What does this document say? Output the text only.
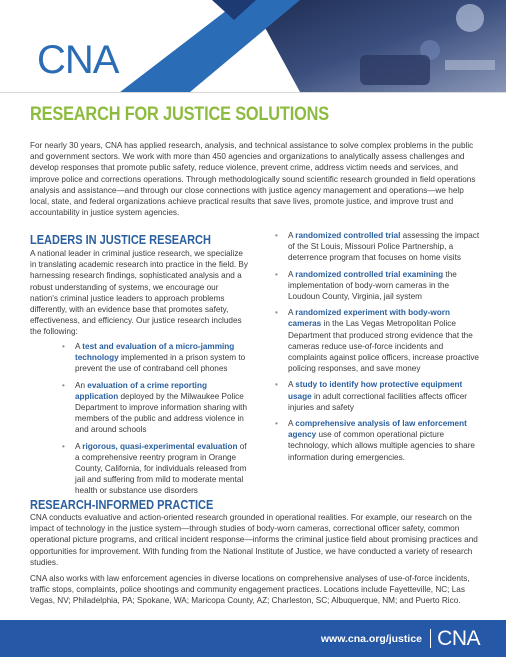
CNA
RESEARCH FOR JUSTICE SOLUTIONS

For nearly 30 years, CNA has applied research, analysis, and technical assistance to solve complex problems in the public and government sectors. We work with more than 450 agencies and organizations to analytically assess challenges and develop responses that promote public safety, reduce violence, prevent crime, address victim needs and services, and improve police and corrections operations. Through methodologically sound scientific research grounded in field operations analysis and assistance—and through our close connections with justice agency management and operations—we help local, state, and federal organizations achieve practical results that save lives, promote justice, and improve trust and accountability in justice system agencies.

LEADERS IN JUSTICE RESEARCH

A national leader in criminal justice research, we specialize in translating academic research into practice in the field. By harnessing research findings, sophisticated analysis and a robust understanding of systems, we encourage our nation's criminal justice leaders to approach problems differently, with an evidence base that promotes safety, effectiveness, and efficiency. Our justice research includes the following:

• A test and evaluation of a micro-jamming technology implemented in a prison system to prevent the use of contraband cell phones
• An evaluation of a crime reporting application deployed by the Milwaukee Police Department to improve information sharing with members of the public and address violence in and around schools
• A rigorous, quasi-experimental evaluation of a comprehensive reentry program in Orange County, California, for individuals released from jail and suffering from mild to moderate mental health or substance use disorders
• A randomized controlled trial assessing the impact of the St Louis, Missouri Police Partnership, a deterrence program that focuses on home visits
• A randomized controlled trial examining the implementation of body-worn cameras in the Loudoun County, Virginia, jail system
• A randomized experiment with body-worn cameras in the Las Vegas Metropolitan Police Department that produced strong evidence that the cameras reduce use-of-force incidents and complaints against police officers, increase proactive policing responses, and save money
• A study to identify how protective equipment usage in adult correctional facilities affects officer injuries and safety
• A comprehensive analysis of law enforcement agency use of common operational picture technology, which allows multiple agencies to share information during emergencies.
RESEARCH-INFORMED PRACTICE

CNA conducts evaluative and action-oriented research grounded in operational realities. For example, our research on the impact of technology in the justice system—through studies of body-worn cameras, correctional officer safety, common operational picture programs, and critical incident response—informs the criminal justice field about promising practices and opportunities for improvement. With funding from the National Institute of Justice, we have conducted a variety of research studies.

CNA also works with law enforcement agencies in diverse locations on comprehensive analyses of use-of-force incidents, traffic stops, complaints, police shootings and community engagement practices. Locations include Fayetteville, NC; Las Vegas, NV; Philadelphia, PA; Spokane, WA; Maricopa County, AZ; Charleston, SC; Albuquerque, NM; and Puerto Rico.

www.cna.org/justice CNA
